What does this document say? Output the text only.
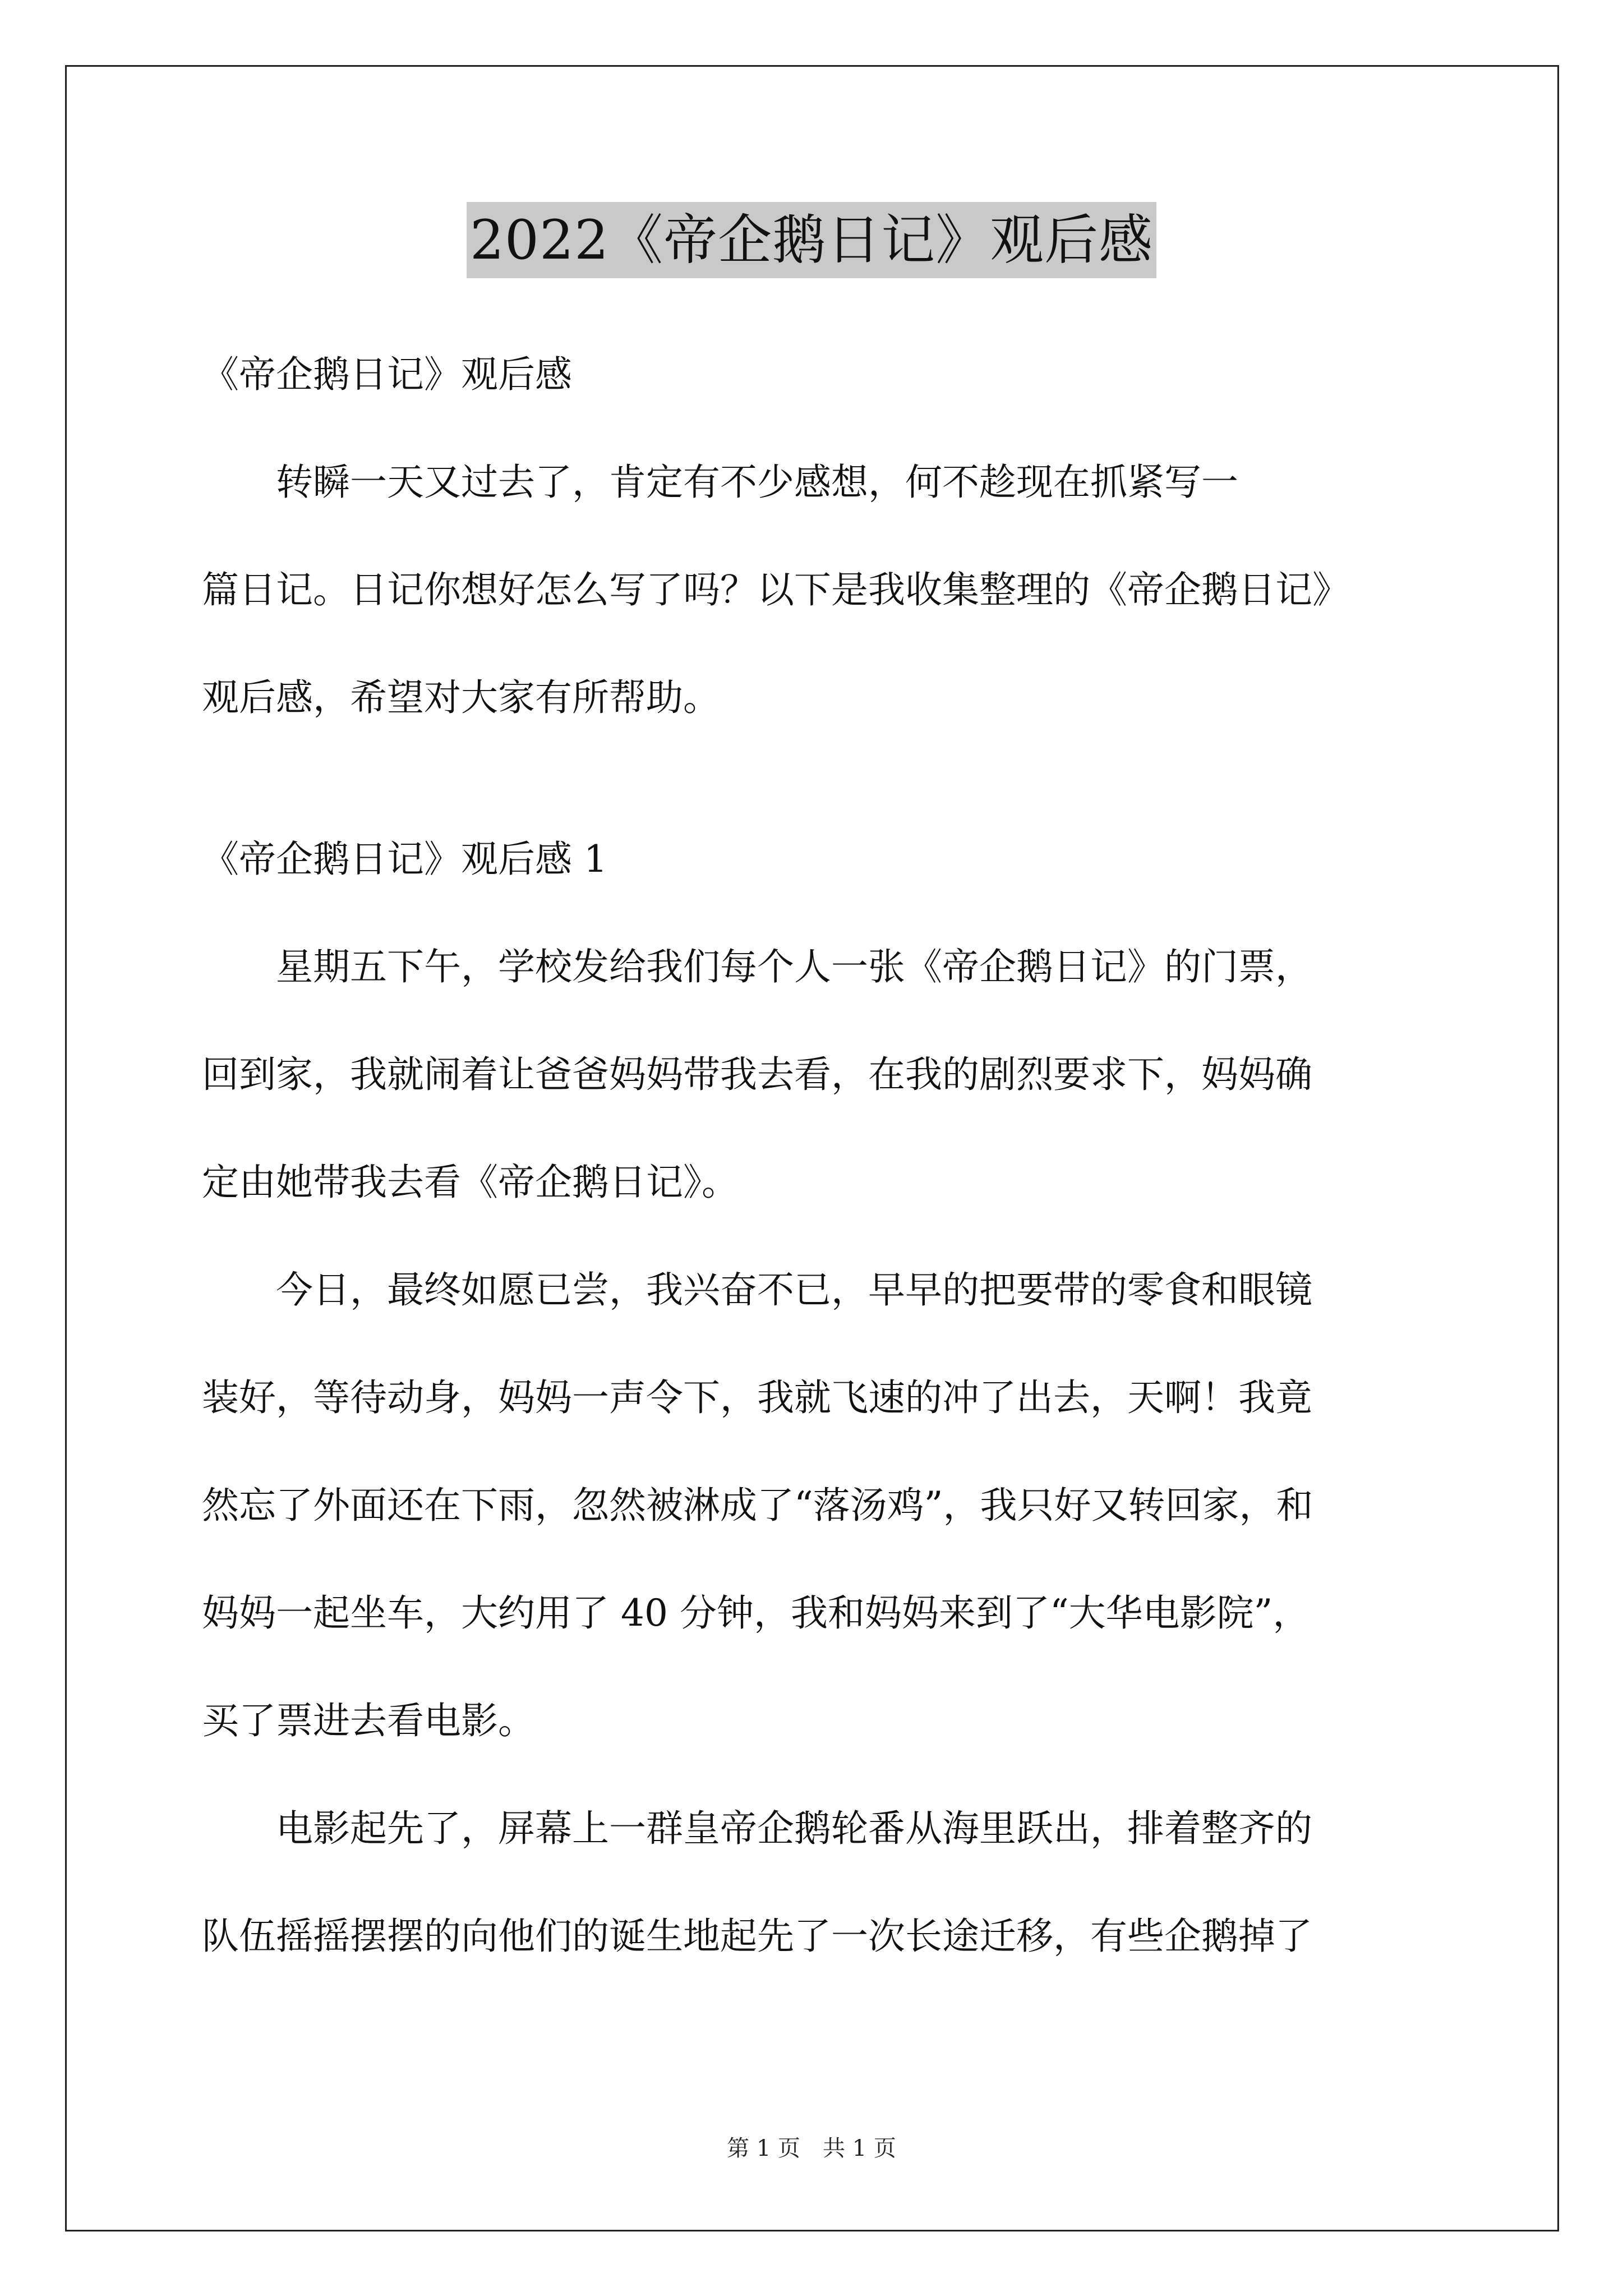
2022《帝企鹅日记》观后感

《帝企鹅日记》观后感

　　转瞬一天又过去了，肯定有不少感想，何不趁现在抓紧写一

篇日记。日记你想好怎么写了吗？以下是我收集整理的《帝企鹅日记》

观后感，希望对大家有所帮助。

《帝企鹅日记》观后感 1

　　星期五下午，学校发给我们每个人一张《帝企鹅日记》的门票，

回到家，我就闹着让爸爸妈妈带我去看，在我的剧烈要求下，妈妈确

定由她带我去看《帝企鹅日记》。

　　今日，最终如愿已尝，我兴奋不已，早早的把要带的零食和眼镜

装好，等待动身，妈妈一声令下，我就飞速的冲了出去，天啊！我竟

然忘了外面还在下雨，忽然被淋成了“落汤鸡”，我只好又转回家，和

妈妈一起坐车，大约用了 40 分钟，我和妈妈来到了“大华电影院”，

买了票进去看电影。

　　电影起先了，屏幕上一群皇帝企鹅轮番从海里跃出，排着整齐的

队伍摇摇摆摆的向他们的诞生地起先了一次长途迁移，有些企鹅掉了

第 1 页　共 1 页
